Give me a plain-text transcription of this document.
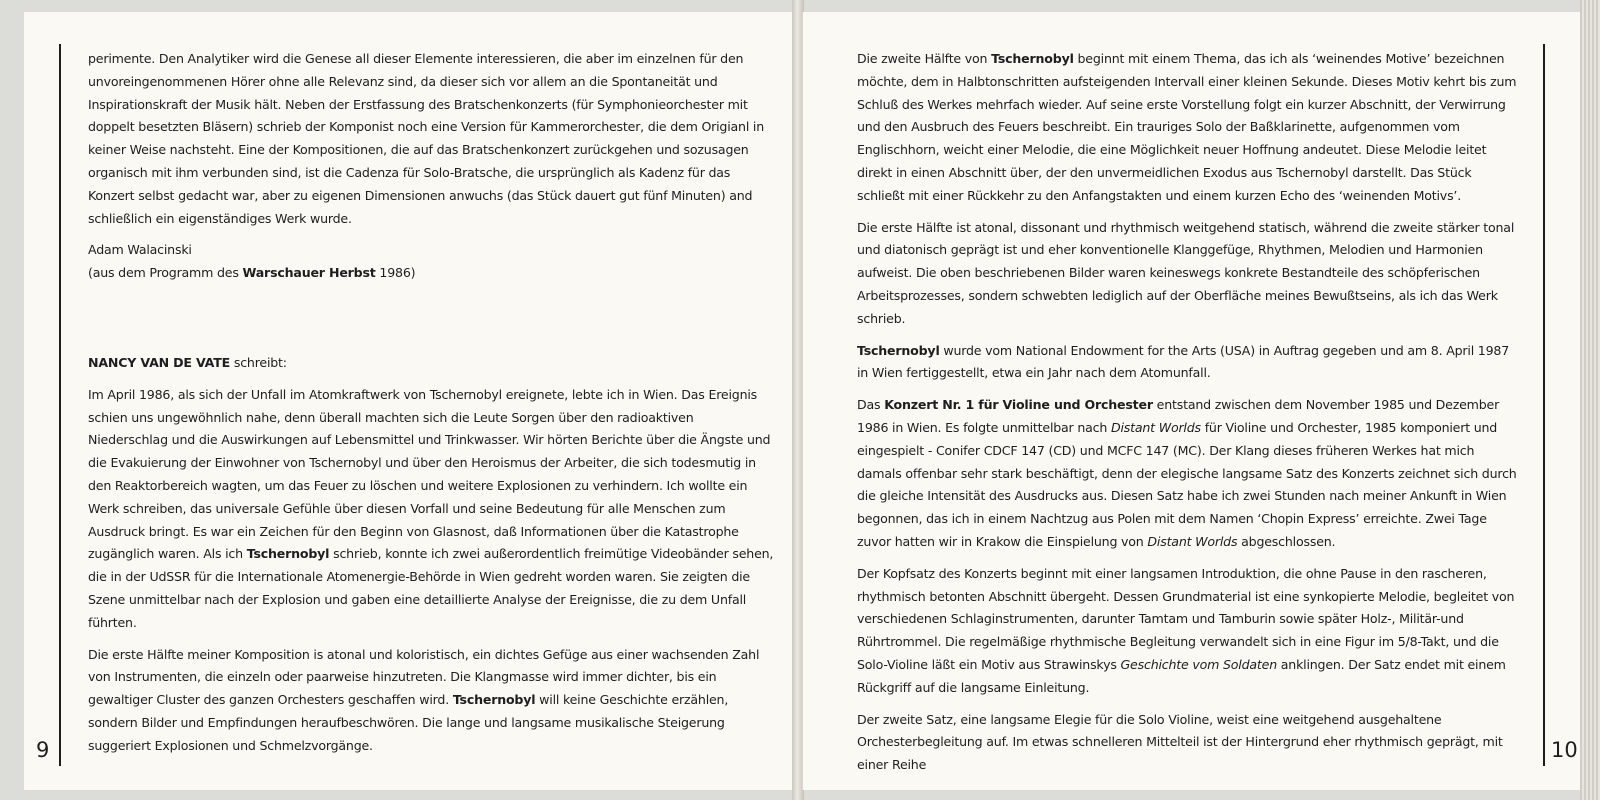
9

perimente. Den Analytiker wird die Genese all dieser Elemente interessieren, die aber im einzelnen für den unvoreingenommenen Hörer ohne alle Relevanz sind, da dieser sich vor allem an die Spontaneität und Inspirationskraft der Musik hält. Neben der Erstfassung des Bratschenkonzerts (für Symphonieorchester mit doppelt besetzten Bläsern) schrieb der Komponist noch eine Version für Kammerorchester, die dem Origianl in keiner Weise nachsteht. Eine der Kompositionen, die auf das Bratschenkonzert zurückgehen und sozusagen organisch mit ihm verbunden sind, ist die Cadenza für Solo-Bratsche, die ursprünglich als Kadenz für das Konzert selbst gedacht war, aber zu eigenen Dimensionen anwuchs (das Stück dauert gut fünf Minuten) and schließlich ein eigenständiges Werk wurde.

Adam Walacinski

(aus dem Programm des Warschauer Herbst 1986)

NANCY VAN DE VATE schreibt:

Im April 1986, als sich der Unfall im Atomkraftwerk von Tschernobyl ereignete, lebte ich in Wien. Das Ereignis schien uns ungewöhnlich nahe, denn überall machten sich die Leute Sorgen über den radioaktiven Niederschlag und die Auswirkungen auf Lebensmittel und Trinkwasser. Wir hörten Berichte über die Ängste und die Evakuierung der Einwohner von Tschernobyl und über den Heroismus der Arbeiter, die sich todesmutig in den Reaktorbereich wagten, um das Feuer zu löschen und weitere Explosionen zu verhindern. Ich wollte ein Werk schreiben, das universale Gefühle über diesen Vorfall und seine Bedeutung für alle Menschen zum Ausdruck bringt. Es war ein Zeichen für den Beginn von Glasnost, daß Informationen über die Katastrophe zugänglich waren. Als ich Tschernobyl schrieb, konnte ich zwei außerordentlich freimütige Videobänder sehen, die in der UdSSR für die Internationale Atomenergie-Behörde in Wien gedreht worden waren. Sie zeigten die Szene unmittelbar nach der Explosion und gaben eine detaillierte Analyse der Ereignisse, die zu dem Unfall führten.

Die erste Hälfte meiner Komposition is atonal und koloristisch, ein dichtes Gefüge aus einer wachsenden Zahl von Instrumenten, die einzeln oder paarweise hinzutreten. Die Klangmasse wird immer dichter, bis ein gewaltiger Cluster des ganzen Orchesters geschaffen wird. Tschernobyl will keine Geschichte erzählen, sondern Bilder und Empfindungen heraufbeschwören. Die lange und langsame musikalische Steigerung suggeriert Explosionen und Schmelzvorgänge.	10

Die zweite Hälfte von Tschernobyl beginnt mit einem Thema, das ich als ‘weinendes Motive’ bezeichnen möchte, dem in Halbtonschritten aufsteigenden Intervall einer kleinen Sekunde. Dieses Motiv kehrt bis zum Schluß des Werkes mehrfach wieder. Auf seine erste Vorstellung folgt ein kurzer Abschnitt, der Verwirrung und den Ausbruch des Feuers beschreibt. Ein trauriges Solo der Baßklarinette, aufgenommen vom Englischhorn, weicht einer Melodie, die eine Möglichkeit neuer Hoffnung andeutet. Diese Melodie leitet direkt in einen Abschnitt über, der den unvermeidlichen Exodus aus Tschernobyl darstellt. Das Stück schließt mit einer Rückkehr zu den Anfangstakten und einem kurzen Echo des ‘weinenden Motivs’.

Die erste Hälfte ist atonal, dissonant und rhythmisch weitgehend statisch, während die zweite stärker tonal und diatonisch geprägt ist und eher konventionelle Klanggefüge, Rhythmen, Melodien und Harmonien aufweist. Die oben beschriebenen Bilder waren keineswegs konkrete Bestandteile des schöpferischen Arbeitsprozesses, sondern schwebten lediglich auf der Oberfläche meines Bewußtseins, als ich das Werk schrieb.

Tschernobyl wurde vom National Endowment for the Arts (USA) in Auftrag gegeben und am 8. April 1987 in Wien fertiggestellt, etwa ein Jahr nach dem Atomunfall.

Das Konzert Nr. 1 für Violine und Orchester entstand zwischen dem November 1985 und Dezember 1986 in Wien. Es folgte unmittelbar nach Distant Worlds für Violine und Orchester, 1985 komponiert und eingespielt - Conifer CDCF 147 (CD) und MCFC 147 (MC). Der Klang dieses früheren Werkes hat mich damals offenbar sehr stark beschäftigt, denn der elegische langsame Satz des Konzerts zeichnet sich durch die gleiche Intensität des Ausdrucks aus. Diesen Satz habe ich zwei Stunden nach meiner Ankunft in Wien begonnen, das ich in einem Nachtzug aus Polen mit dem Namen ‘Chopin Express’ erreichte. Zwei Tage zuvor hatten wir in Krakow die Einspielung von Distant Worlds abgeschlossen.

Der Kopfsatz des Konzerts beginnt mit einer langsamen Introduktion, die ohne Pause in den rascheren, rhythmisch betonten Abschnitt übergeht. Dessen Grundmaterial ist eine synkopierte Melodie, begleitet von verschiedenen Schlaginstrumenten, darunter Tamtam und Tamburin sowie später Holz-, Militär-und Rührtrommel. Die regelmäßige rhythmische Begleitung verwandelt sich in eine Figur im 5/8-Takt, und die Solo-Violine läßt ein Motiv aus Strawinskys Geschichte vom Soldaten anklingen. Der Satz endet mit einem Rückgriff auf die langsame Einleitung.

Der zweite Satz, eine langsame Elegie für die Solo Violine, weist eine weitgehend ausgehaltene Orchesterbegleitung auf. Im etwas schnelleren Mittelteil ist der Hintergrund eher rhythmisch geprägt, mit einer Reihe
